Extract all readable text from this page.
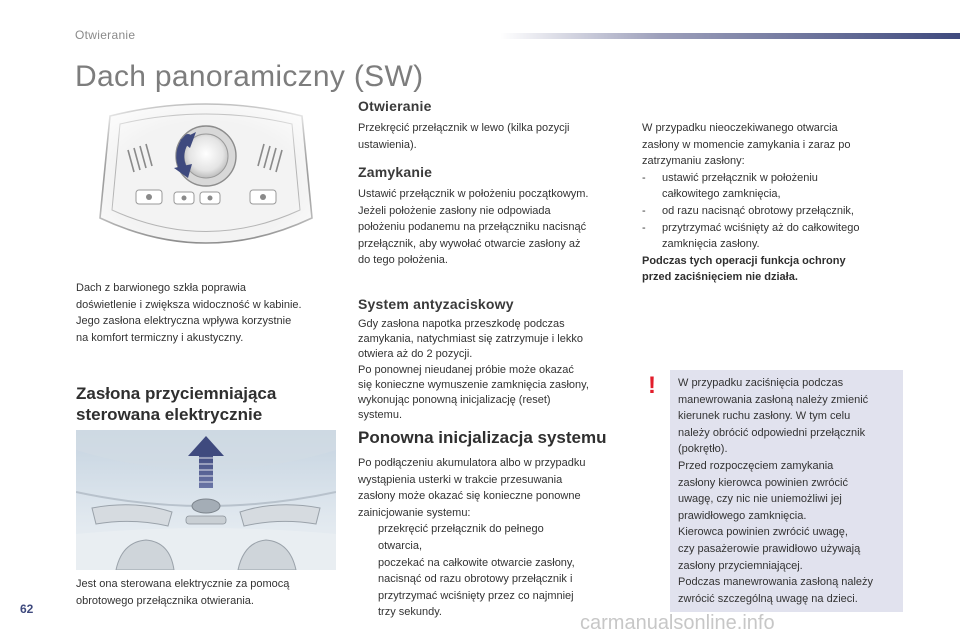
Otwieranie
Dach panoramiczny (SW)
Dach z barwionego szkła poprawia
doświetlenie i zwiększa widoczność w kabinie.
Jego zasłona elektryczna wpływa korzystnie
na komfort termiczny i akustyczny.
Zasłona przyciemniająca
sterowana elektrycznie
Jest ona sterowana elektrycznie za pomocą
obrotowego przełącznika otwierania.
Otwieranie
Przekręcić przełącznik w lewo (kilka pozycji
ustawienia).
Zamykanie
Ustawić przełącznik w położeniu początkowym.
Jeżeli położenie zasłony nie odpowiada
położeniu podanemu na przełączniku nacisnąć
przełącznik, aby wywołać otwarcie zasłony aż
do tego położenia.
System antyzaciskowy
Gdy zasłona napotka przeszkodę podczas
zamykania, natychmiast się zatrzymuje i lekko
otwiera aż do 2 pozycji.
Po ponownej nieudanej próbie może okazać
się konieczne wymuszenie zamknięcia zasłony,
wykonując ponowną inicjalizację (reset)
systemu.
Ponowna inicjalizacja systemu
Po podłączeniu akumulatora albo w przypadku
wystąpienia usterki w trakcie przesuwania
zasłony może okazać się konieczne ponowne
zainicjowanie systemu:
przekręcić przełącznik do pełnego
otwarcia,
poczekać na całkowite otwarcie zasłony,
nacisnąć od razu obrotowy przełącznik i
przytrzymać wciśnięty przez co najmniej
trzy sekundy.
W przypadku nieoczekiwanego otwarcia
zasłony w momencie zamykania i zaraz po
zatrzymaniu zasłony:
- ustawić przełącznik w położeniu
całkowitego zamknięcia,
- od razu nacisnąć obrotowy przełącznik,
- przytrzymać wciśnięty aż do całkowitego
zamknięcia zasłony.
Podczas tych operacji funkcja ochrony
przed zaciśnięciem nie działa.
! W przypadku zaciśnięcia podczas
manewrowania zasłoną należy zmienić
kierunek ruchu zasłony. W tym celu
należy obrócić odpowiedni przełącznik
(pokrętło).
Przed rozpoczęciem zamykania
zasłony kierowca powinien zwrócić
uwagę, czy nic nie uniemożliwi jej
prawidłowego zamknięcia.
Kierowca powinien zwrócić uwagę,
czy pasażerowie prawidłowo używają
zasłony przyciemniającej.
Podczas manewrowania zasłoną należy
zwrócić szczególną uwagę na dzieci.
62
carmanualsonline.info
